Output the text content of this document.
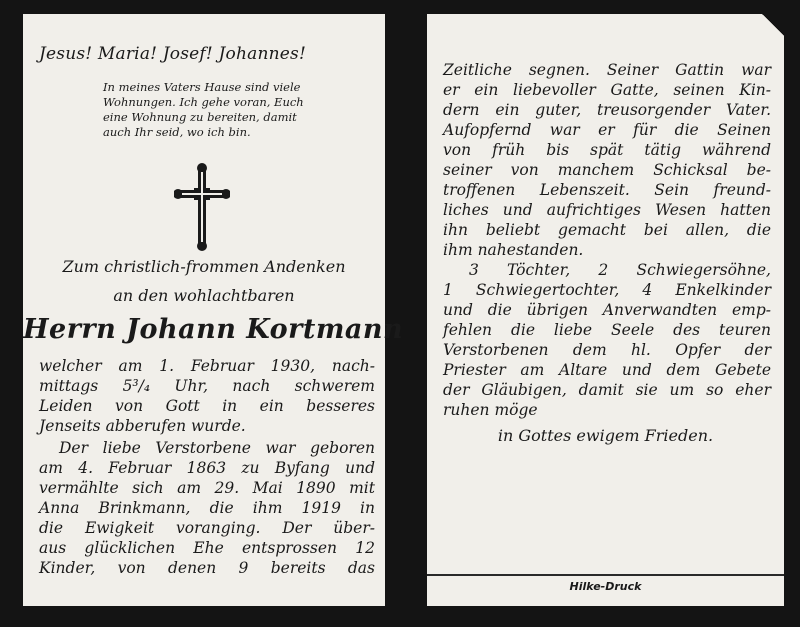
Jesus! Maria! Josef! Johannes!
In meines Vaters Hause sind viele
Wohnungen. Ich gehe voran, Euch
eine Wohnung zu bereiten, damit
auch Ihr seid, wo ich bin.
Zum christlich-frommen Andenken
an den wohlachtbaren
Herrn Johann Kortmann
welcher am 1. Februar 1930, nach-
mittags 5³/₄ Uhr, nach schwerem
Leiden von Gott in ein besseres
Jenseits abberufen wurde.
Der liebe Verstorbene war geboren
am 4. Februar 1863 zu Byfang und
vermählte sich am 29. Mai 1890 mit
Anna Brinkmann, die ihm 1919 in
die Ewigkeit voranging. Der über-
aus glücklichen Ehe entsprossen 12
Kinder, von denen 9 bereits das
Zeitliche segnen. Seiner Gattin war
er ein liebevoller Gatte, seinen Kin-
dern ein guter, treusorgender Vater.
Aufopfernd war er für die Seinen
von früh bis spät tätig während
seiner von manchem Schicksal be-
troffenen Lebenszeit. Sein freund-
liches und aufrichtiges Wesen hatten
ihn beliebt gemacht bei allen, die
ihm nahestanden.
3 Töchter, 2 Schwiegersöhne,
1 Schwiegertochter, 4 Enkelkinder
und die übrigen Anverwandten emp-
fehlen die liebe Seele des teuren
Verstorbenen dem hl. Opfer der
Priester am Altare und dem Gebete
der Gläubigen, damit sie um so eher
ruhen möge
in Gottes ewigem Frieden.
Hilke-Druck
